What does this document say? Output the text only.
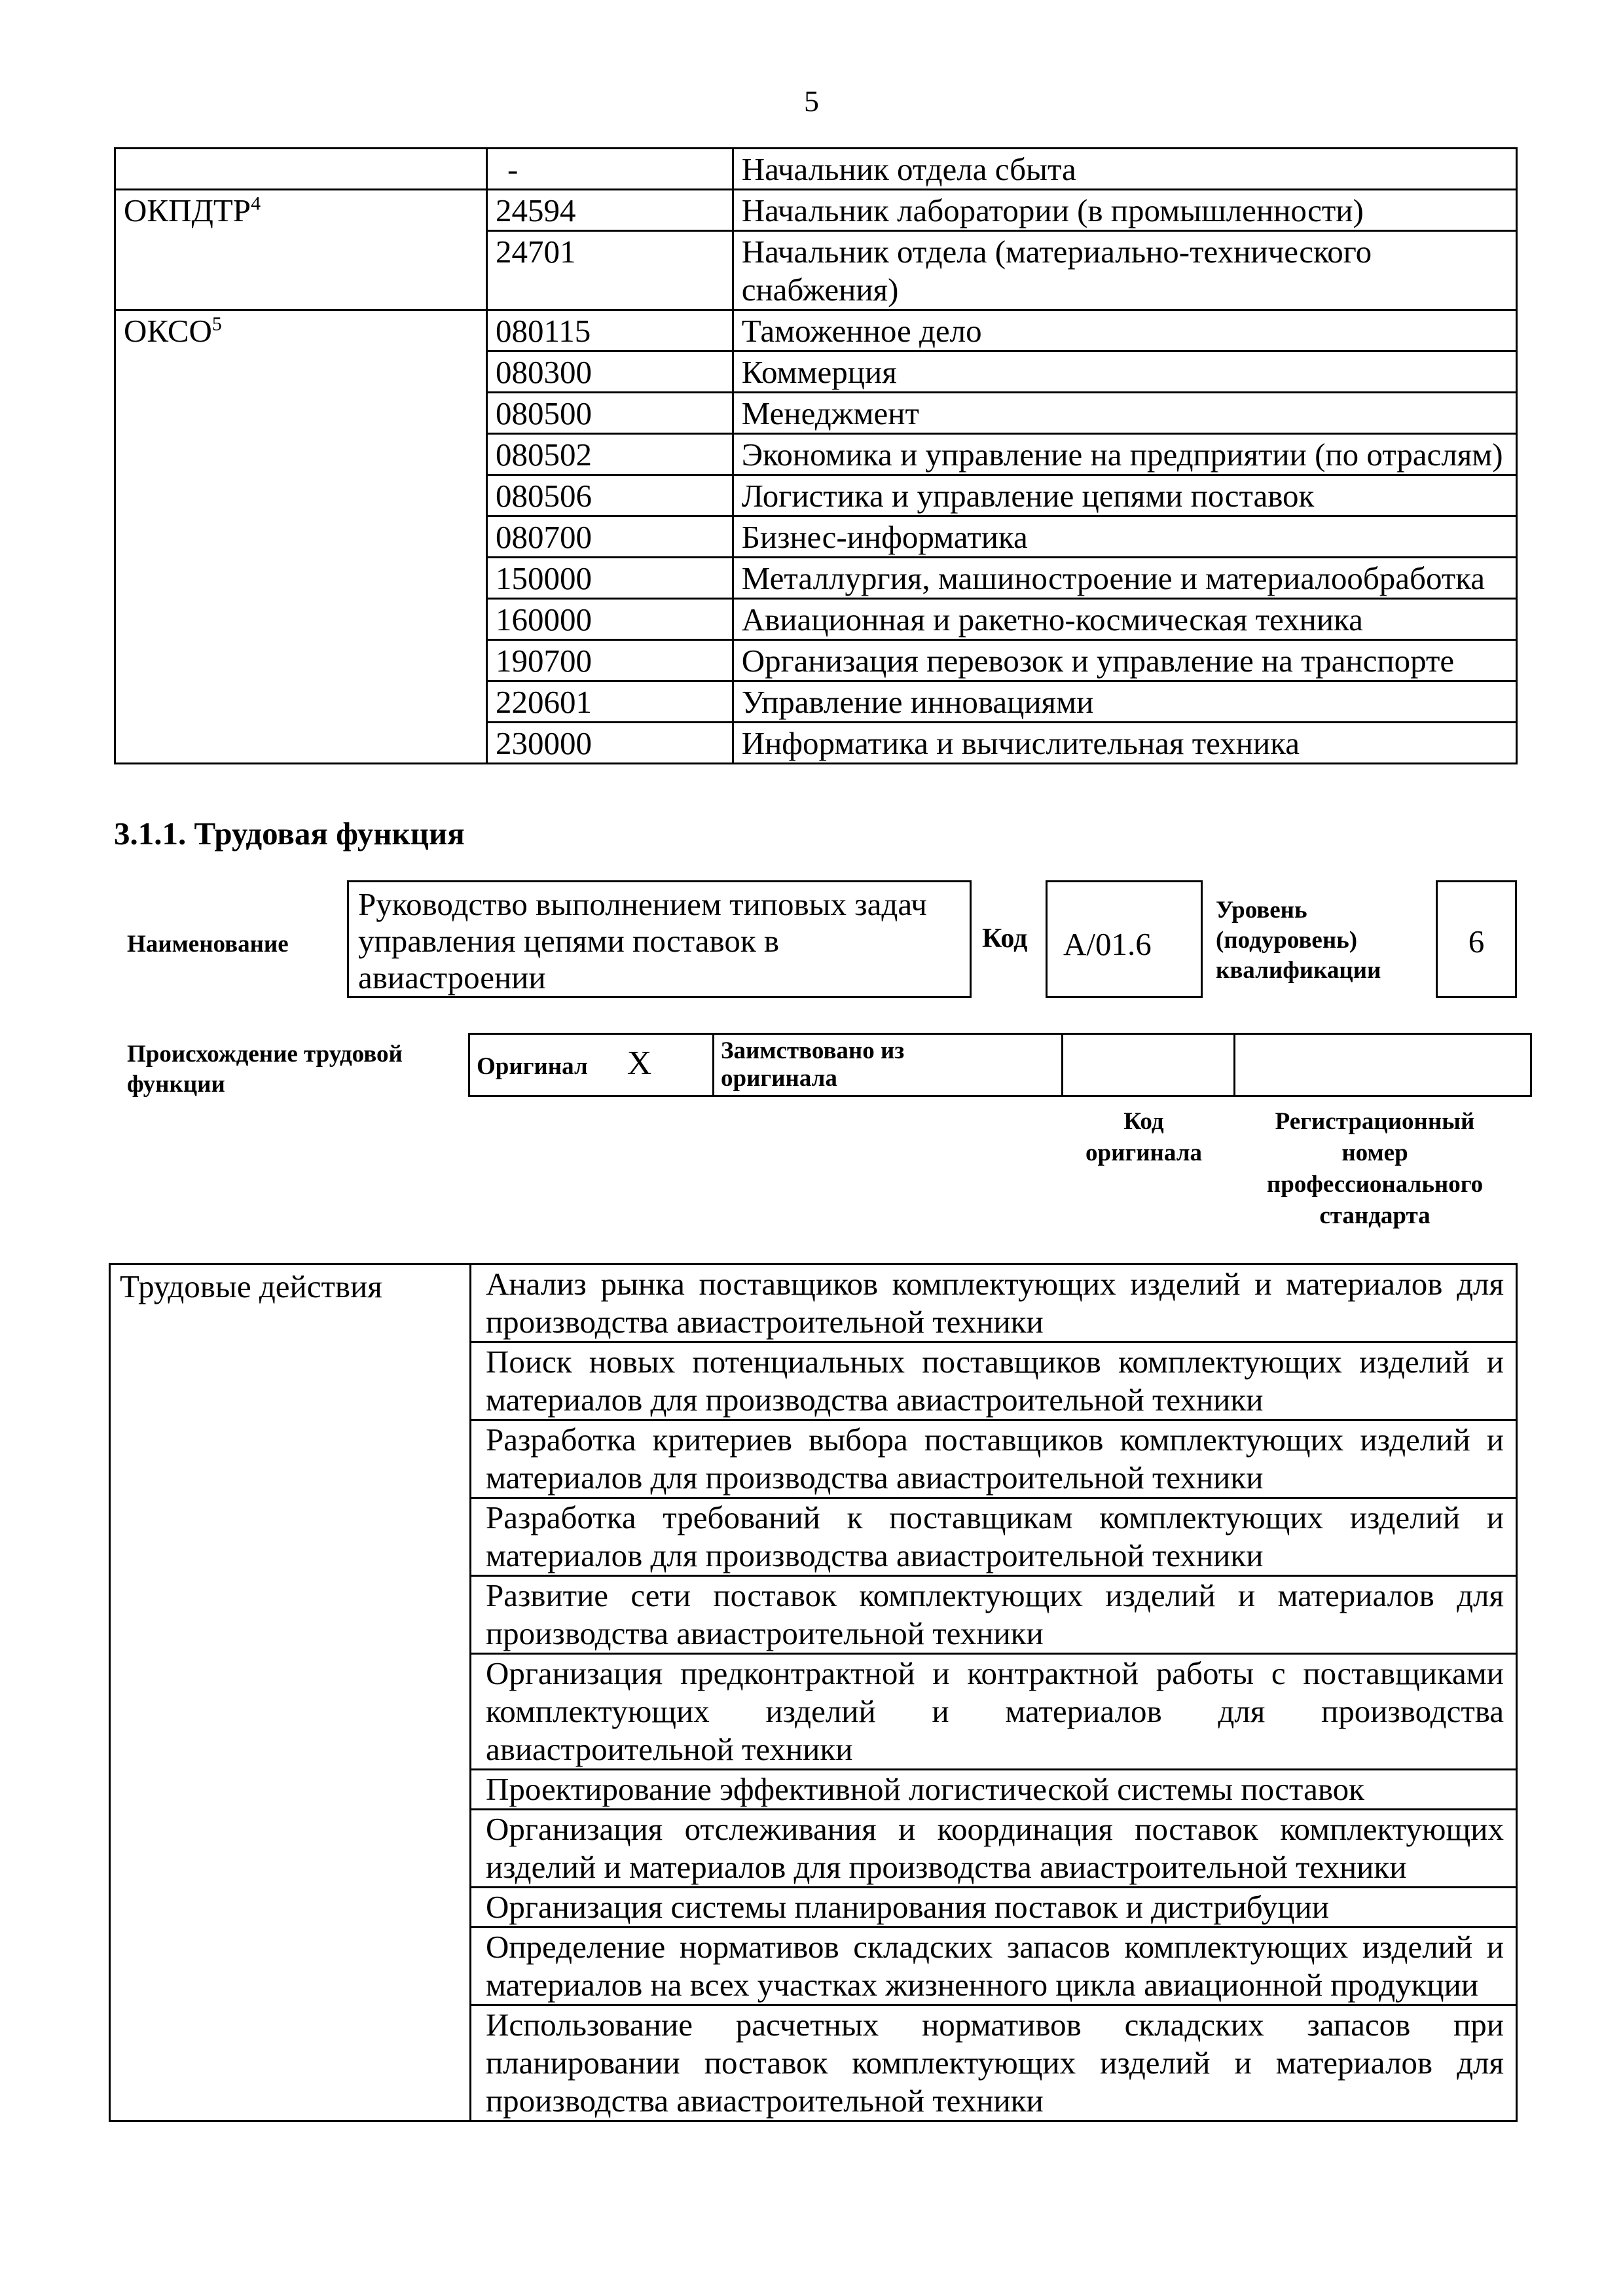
5
	-	Начальник отдела сбыта
ОКПДТР$^4$	24594	Начальник лаборатории (в промышленности)
	24701	Начальник отдела (материально-технического снабжения)
ОКСО$^5$	080115	Таможенное дело
	080300	Коммерция
	080500	Менеджмент
	080502	Экономика и управление на предприятии (по отраслям)
	080506	Логистика и управление цепями поставок
	080700	Бизнес-информатика
	150000	Металлургия, машиностроение и материалообработка
	160000	Авиационная и ракетно-космическая техника
	190700	Организация перевозок и управление на транспорте
	220601	Управление инновациями
	230000	Информатика и вычислительная техника
3.1.1. Трудовая функция
Наименование
Руководство выполнением типовых задач управления цепями поставок в авиастроении
Код	А/01.6
Уровень
(подуровень)
квалификации
6
Происхождение трудовой
функции
Оригинал X	Заимствовано из
оригинала

Код
оригинала
Регистрационный
номер
профессионального
стандарта
Трудовые действия	Анализ рынка поставщиков комплектующих изделий и материалов для производства авиастроительной техники
Поиск новых потенциальных поставщиков комплектующих изделий и материалов для производства авиастроительной техники
Разработка критериев выбора поставщиков комплектующих изделий и материалов для производства авиастроительной техники
Разработка требований к поставщикам комплектующих изделий и материалов для производства авиастроительной техники
Развитие сети поставок комплектующих изделий и материалов для производства авиастроительной техники
Организация предконтрактной и контрактной работы с поставщиками комплектующих изделий и материалов для производства авиастроительной техники
Проектирование эффективной логистической системы поставок
Организация отслеживания и координация поставок комплектующих изделий и материалов для производства авиастроительной техники
Организация системы планирования поставок и дистрибуции
Определение нормативов складских запасов комплектующих изделий и материалов на всех участках жизненного цикла авиационной продукции
Использование расчетных нормативов складских запасов при планировании поставок комплектующих изделий и материалов для производства авиастроительной техники
